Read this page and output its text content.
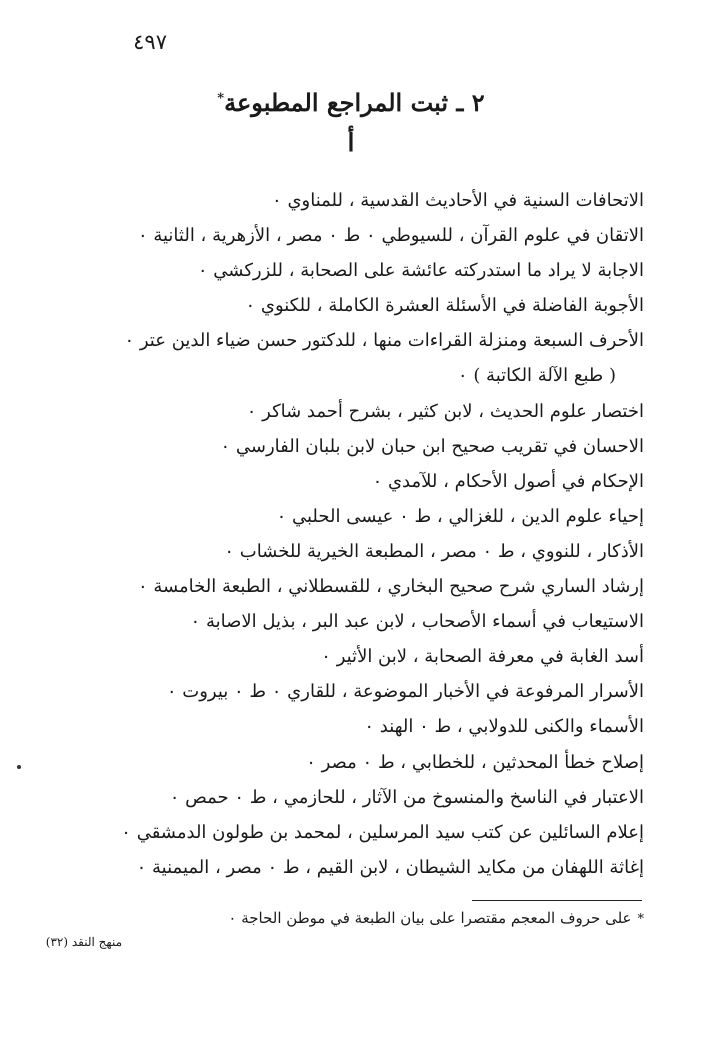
٤٩٧
٢ ـ ثبت المراجع المطبوعة*
أ
الاتحافات السنية في الأحاديث القدسية ، للمناوي ٠
الاتقان في علوم القرآن ، للسيوطي ٠ ط ٠ مصر ، الأزهرية ، الثانية ٠
الاجابة لا يراد ما استدركته عائشة على الصحابة ، للزركشي ٠
الأجوبة الفاضلة في الأسئلة العشرة الكاملة ، للكنوي ٠
الأحرف السبعة ومنزلة القراءات منها ، للدكتور حسن ضياء الدين عتر ٠
( طبع الآلة الكاتبة ) ٠
اختصار علوم الحديث ، لابن كثير ، بشرح أحمد شاكر ٠
الاحسان في تقريب صحيح ابن حبان لابن بلبان الفارسي ٠
الإحكام في أصول الأحكام ، للآمدي ٠
إحياء علوم الدين ، للغزالي ، ط ٠ عيسى الحلبي ٠
الأذكار ، للنووي ، ط ٠ مصر ، المطبعة الخيرية للخشاب ٠
إرشاد الساري شرح صحيح البخاري ، للقسطلاني ، الطبعة الخامسة ٠
الاستيعاب في أسماء الأصحاب ، لابن عبد البر ، بذيل الاصابة ٠
أسد الغابة في معرفة الصحابة ، لابن الأثير ٠
الأسرار المرفوعة في الأخبار الموضوعة ، للقاري ٠ ط ٠ بيروت ٠
الأسماء والكنى للدولابي ، ط ٠ الهند ٠
إصلاح خطأ المحدثين ، للخطابي ، ط ٠ مصر ٠
الاعتبار في الناسخ والمنسوخ من الآثار ، للحازمي ، ط ٠ حمص ٠
إعلام السائلين عن كتب سيد المرسلين ، لمحمد بن طولون الدمشقي ٠
إغاثة اللهفان من مكايد الشيطان ، لابن القيم ، ط ٠ مصر ، الميمنية ٠
*على حروف المعجم مقتصرا على بيان الطبعة في موطن الحاجة ٠
منهج النقد (٣٢)
